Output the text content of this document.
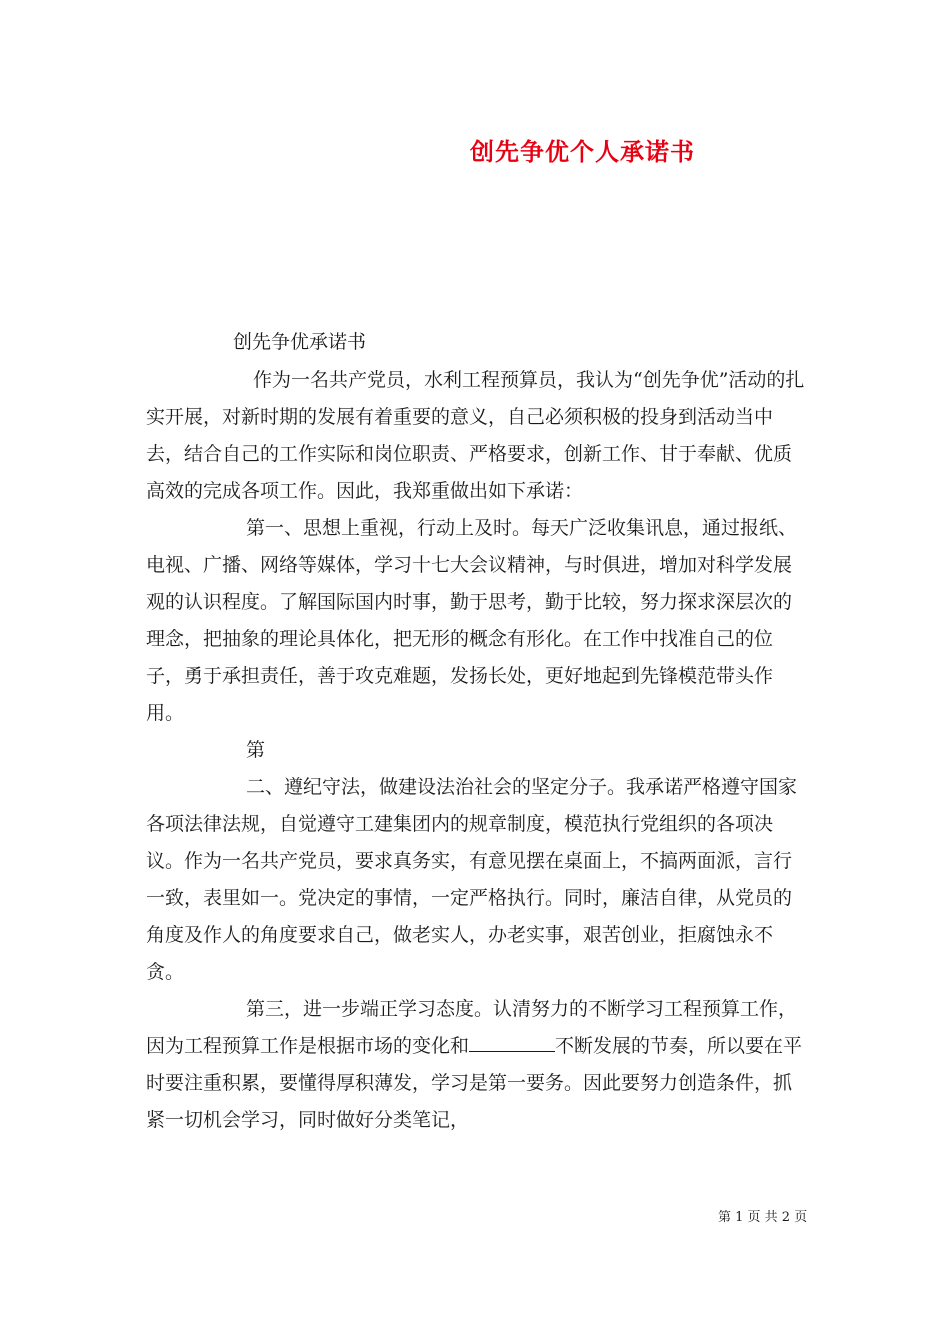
创先争优个人承诺书
创先争优承诺书

作为一名共产党员，水利工程预算员，我认为“创先争优”活动的扎实开展，对新时期的发展有着重要的意义，自己必须积极的投身到活动当中去，结合自己的工作实际和岗位职责、严格要求，创新工作、甘于奉献、优质高效的完成各项工作。因此，我郑重做出如下承诺：

第一、思想上重视，行动上及时。每天广泛收集讯息，通过报纸、电视、广播、网络等媒体，学习十七大会议精神，与时俱进，增加对科学发展观的认识程度。了解国际国内时事，勤于思考，勤于比较，努力探求深层次的理念，把抽象的理论具体化，把无形的概念有形化。在工作中找准自己的位子，勇于承担责任，善于攻克难题，发扬长处，更好地起到先锋模范带头作用。

第

二、遵纪守法，做建设法治社会的坚定分子。我承诺严格遵守国家各项法律法规，自觉遵守工建集团内的规章制度，模范执行党组织的各项决议。作为一名共产党员，要求真务实，有意见摆在桌面上，不搞两面派，言行一致，表里如一。党决定的事情，一定严格执行。同时，廉洁自律，从党员的角度及作人的角度要求自己，做老实人，办老实事，艰苦创业，拒腐蚀永不贪。

第三，进一步端正学习态度。认清努力的不断学习工程预算工作，因为工程预算工作是根据市场的变化和	不断发展的节奏，所以要在平时要注重积累，要懂得厚积薄发，学习是第一要务。因此要努力创造条件，抓紧一切机会学习，同时做好分类笔记，

第 1 页 共 2 页
